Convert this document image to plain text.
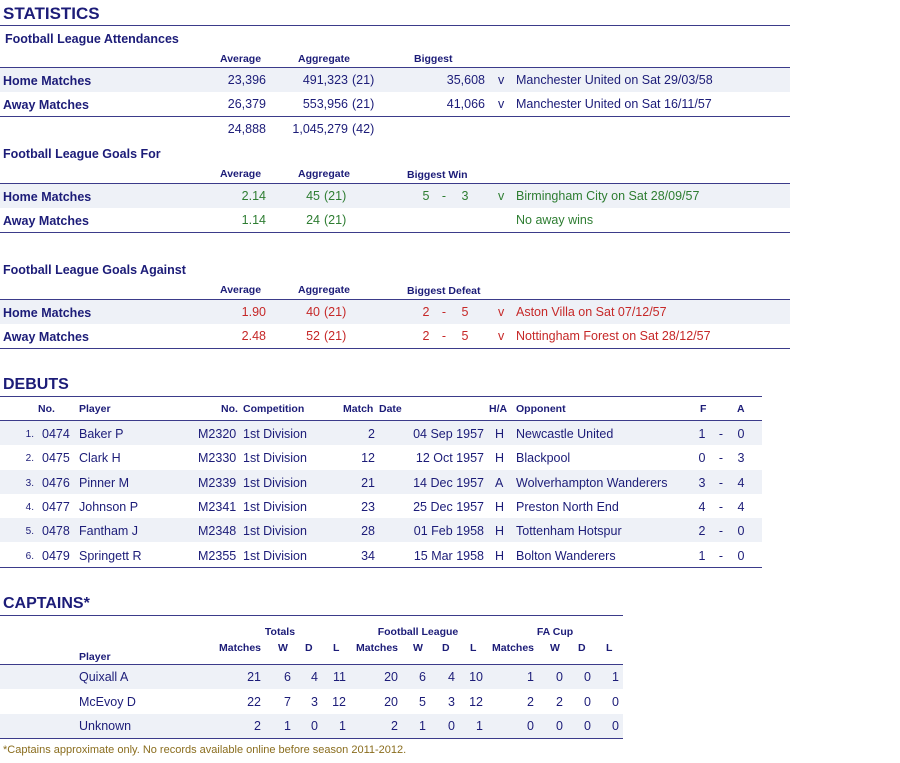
STATISTICS
Football League Attendances
Average	Aggregate	Biggest
Home Matches	23,396	491,323 (21)	35,608 v Manchester United on Sat 29/03/58
Away Matches	26,379	553,956 (21)	41,066 v Manchester United on Sat 16/11/57
24,888	1,045,279 (42)
Football League Goals For
Average	Aggregate	Biggest Win
Home Matches	2.14	45 (21)	5 -	3	v Birmingham City on Sat 28/09/57
Away Matches	1.14	24 (21)	No away wins
Football League Goals Against
Average	Aggregate	Biggest Defeat
Home Matches	1.90	40 (21)	2 -	5	v Aston Villa on Sat 07/12/57
Away Matches	2.48	52 (21)	2 -	5	v Nottingham Forest on Sat 28/12/57
DEBUTS
No. Player	No. Competition	Match Date	H/A Opponent	F	A
1. 0474 Baker P	M2320 1st Division	2	04 Sep 1957 H Newcastle United	1	-	0
2. 0475 Clark H	M2330 1st Division	12	12 Oct 1957 H Blackpool	0	-	3
3. 0476 Pinner M	M2339 1st Division	21	14 Dec 1957 A Wolverhampton Wanderers	3	-	4
4. 0477 Johnson P	M2341 1st Division	23	25 Dec 1957 H Preston North End	4	-	4
5. 0478 Fantham J	M2348 1st Division	28	01 Feb 1958 H Tottenham Hotspur	2	-	0
6. 0479 Springett R	M2355 1st Division	34	15 Mar 1958 H Bolton Wanderers	1	-	0
CAPTAINS*
Totals	Football League	FA Cup
Player
Matches W D L Matches W D L Matches W D L
Quixall A	21	6	4 11	20	6	4 10	1	0	0	1
McEvoy D	22	7	3 12	20	5	3 12	2	2	0	0
Unknown	2	1	0	1	2	1	0	1	0	0	0	0
*Captains approximate only. No records available online before season 2011-2012.
